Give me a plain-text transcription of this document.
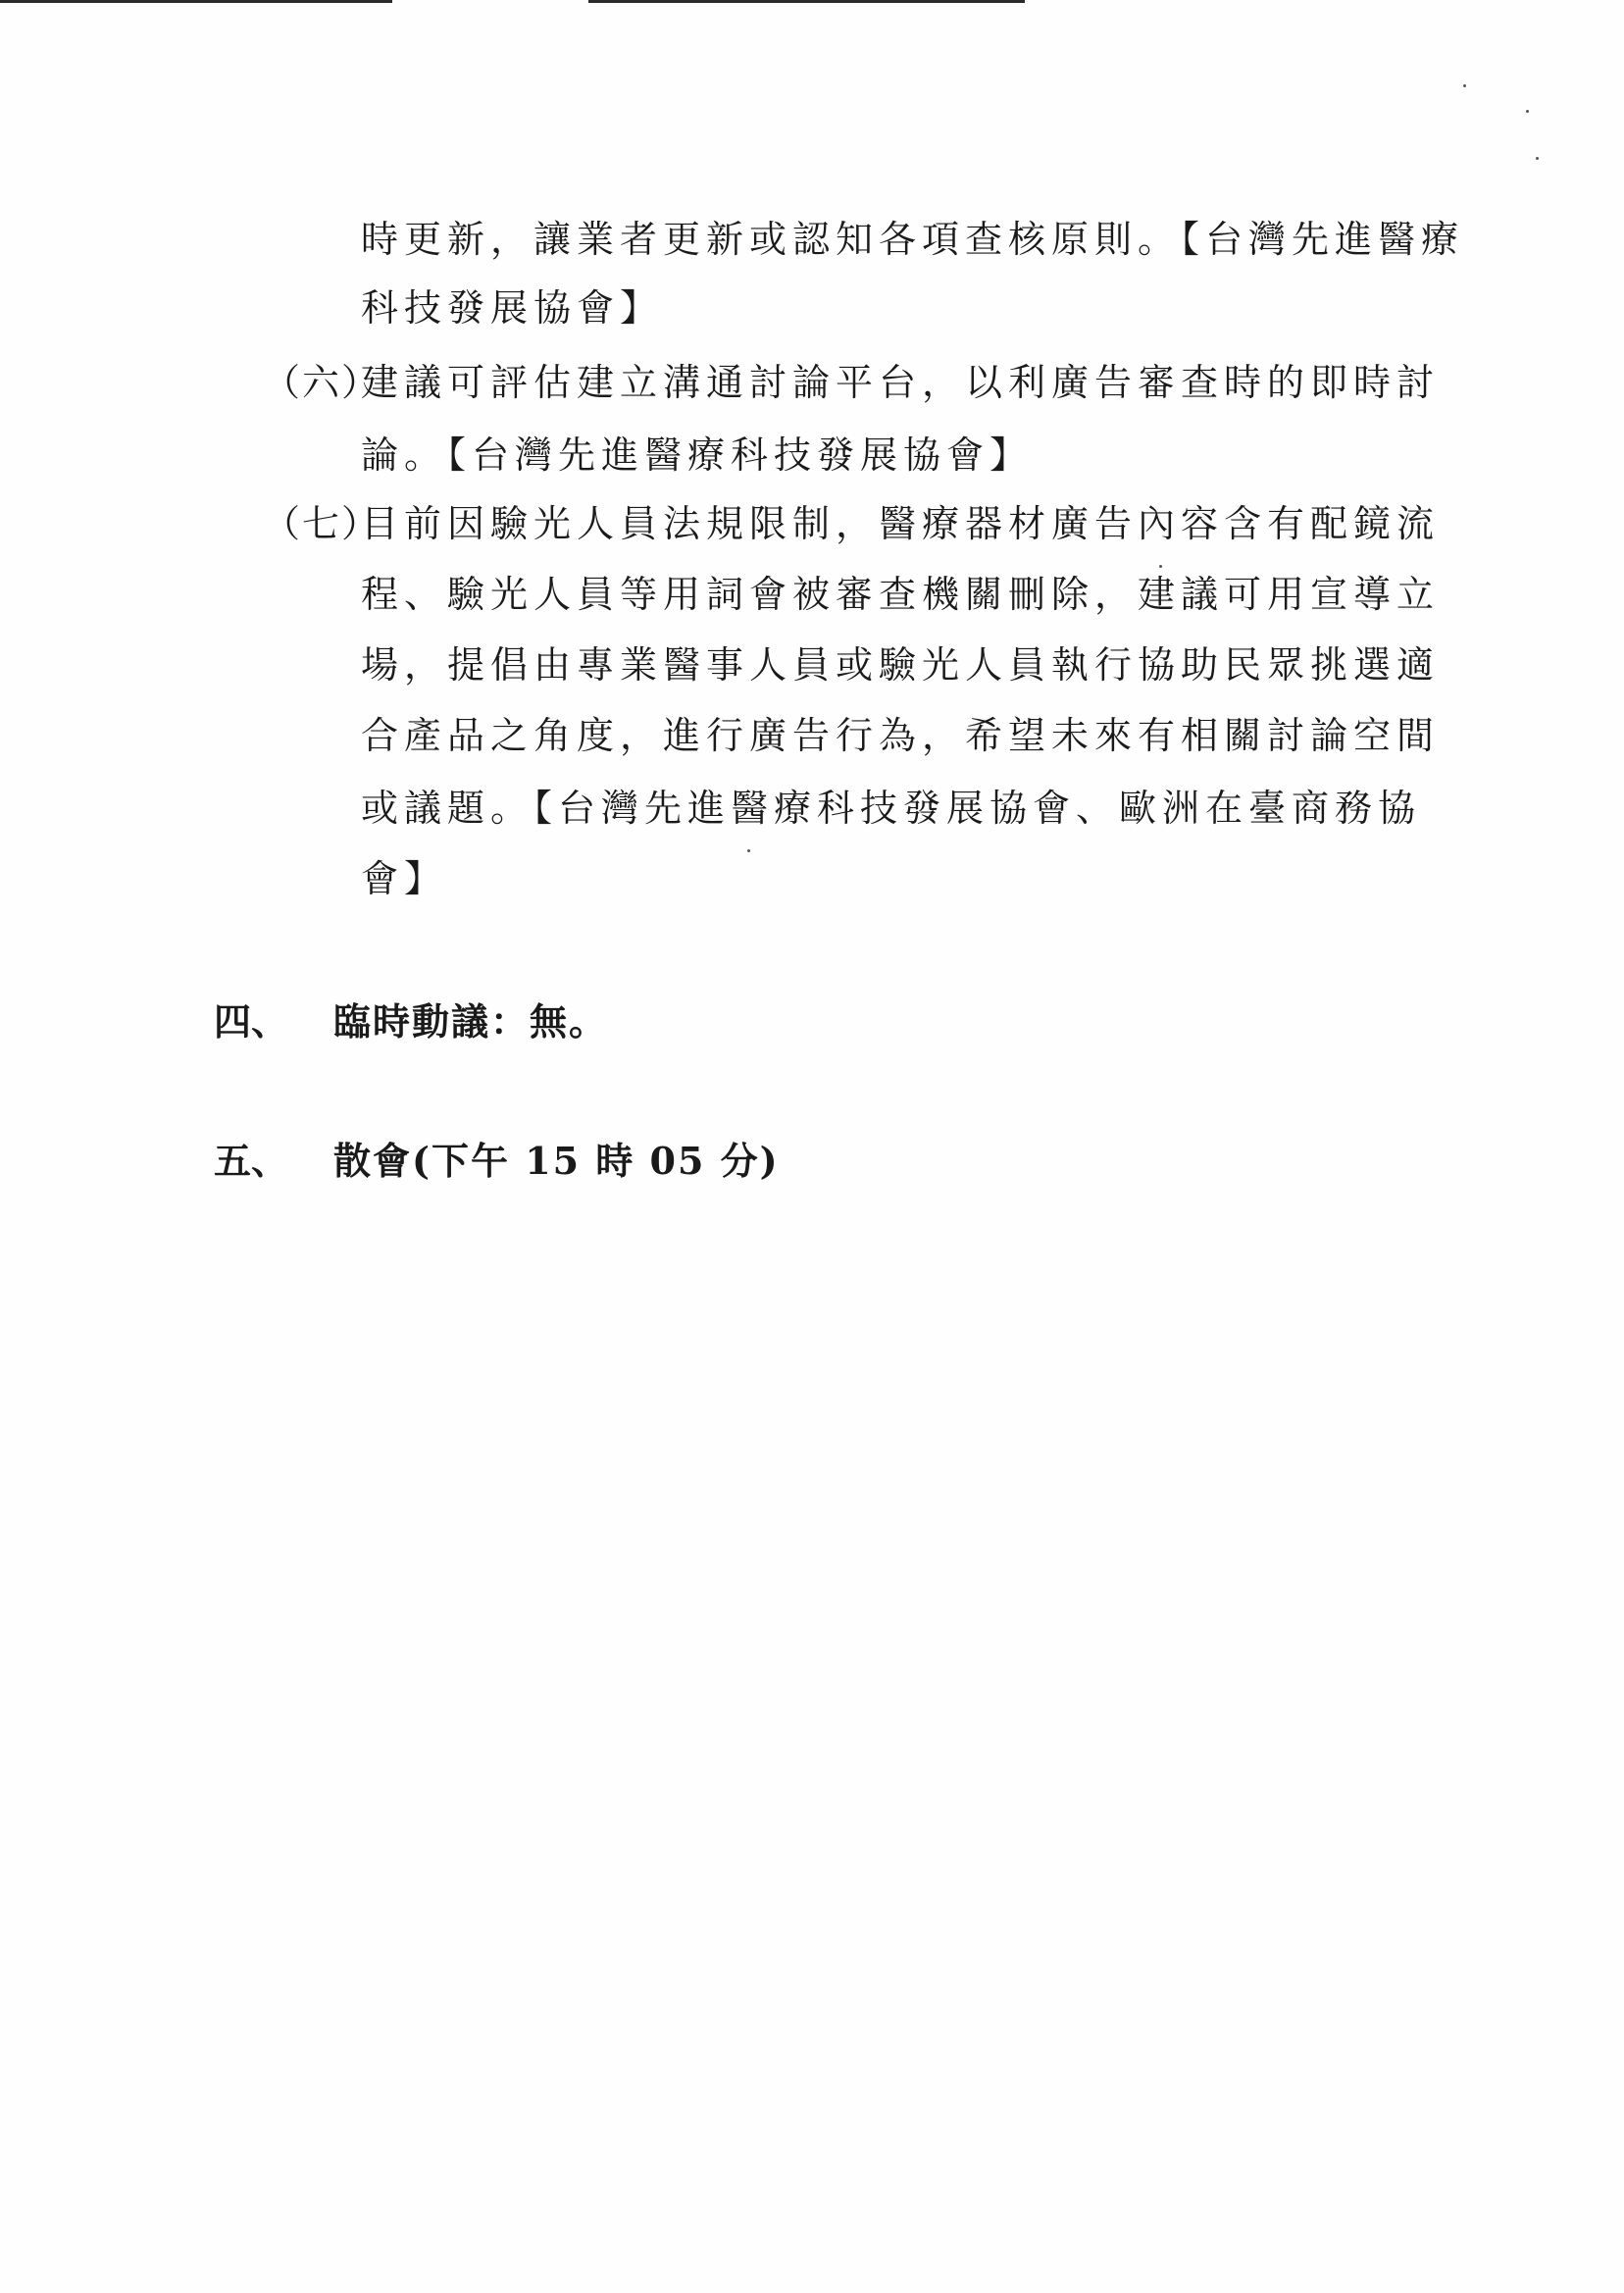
時更新，讓業者更新或認知各項查核原則。【台灣先進醫療
科技發展協會】
（六）
建議可評估建立溝通討論平台，以利廣告審查時的即時討
論。【台灣先進醫療科技發展協會】
（七）
目前因驗光人員法規限制，醫療器材廣告內容含有配鏡流
程、驗光人員等用詞會被審查機關刪除，建議可用宣導立
場，提倡由專業醫事人員或驗光人員執行協助民眾挑選適
合產品之角度，進行廣告行為，希望未來有相關討論空間
或議題。【台灣先進醫療科技發展協會、歐洲在臺商務協
會】
四、 臨時動議：無。
五、 散會(下午 15 時 05 分)
